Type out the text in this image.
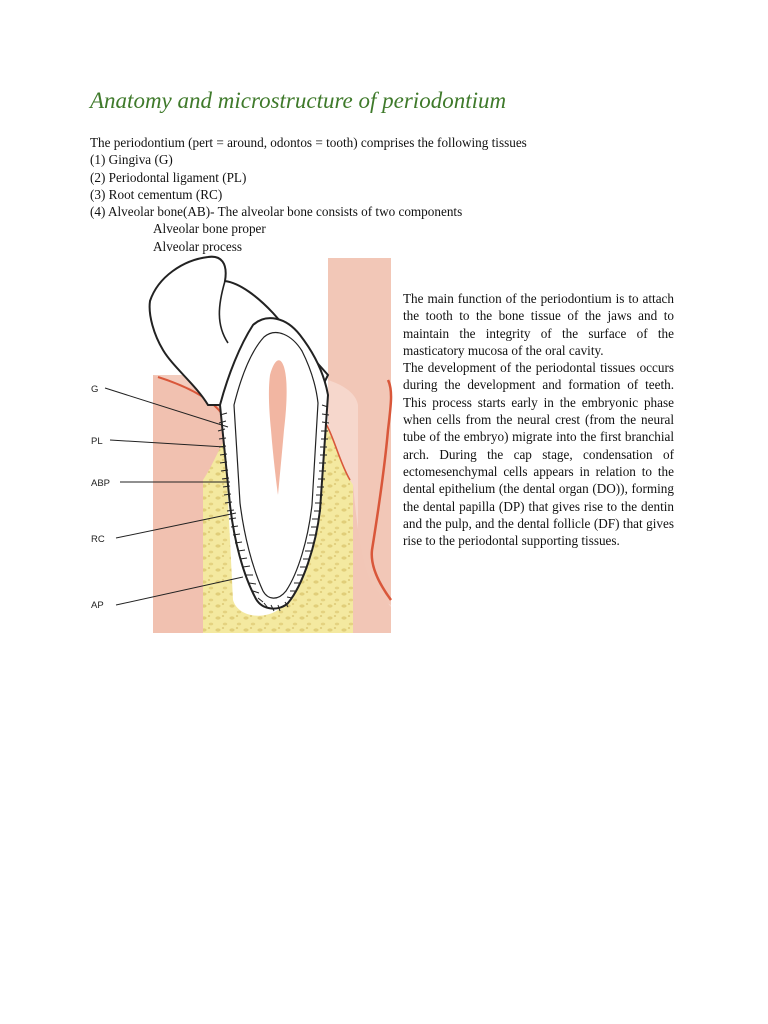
Anatomy and microstructure of periodontium
The periodontium (pert = around, odontos = tooth) comprises the following tissues
(1) Gingiva (G)
(2) Periodontal ligament (PL)
(3) Root cementum (RC)
(4) Alveolar bone(AB)- The alveolar bone consists of two components
Alveolar bone proper
Alveolar process
G
PL
ABP
RC
AP

The main function of the periodontium is to attach the tooth to the bone tissue of the jaws and to maintain the integrity of the surface of the masticatory mucosa of the oral cavity.

The development of the periodontal tissues occurs during the development and formation of teeth. This process starts early in the embryonic phase when cells from the neural crest (from the neural tube of the embryo) migrate into the first branchial arch. During the cap stage, condensation of ectomesenchymal cells appears in relation to the dental epithelium (the dental organ (DO)), forming the dental papilla (DP) that gives rise to the dentin and the pulp, and the dental follicle (DF) that gives rise to the periodontal supporting tissues.
